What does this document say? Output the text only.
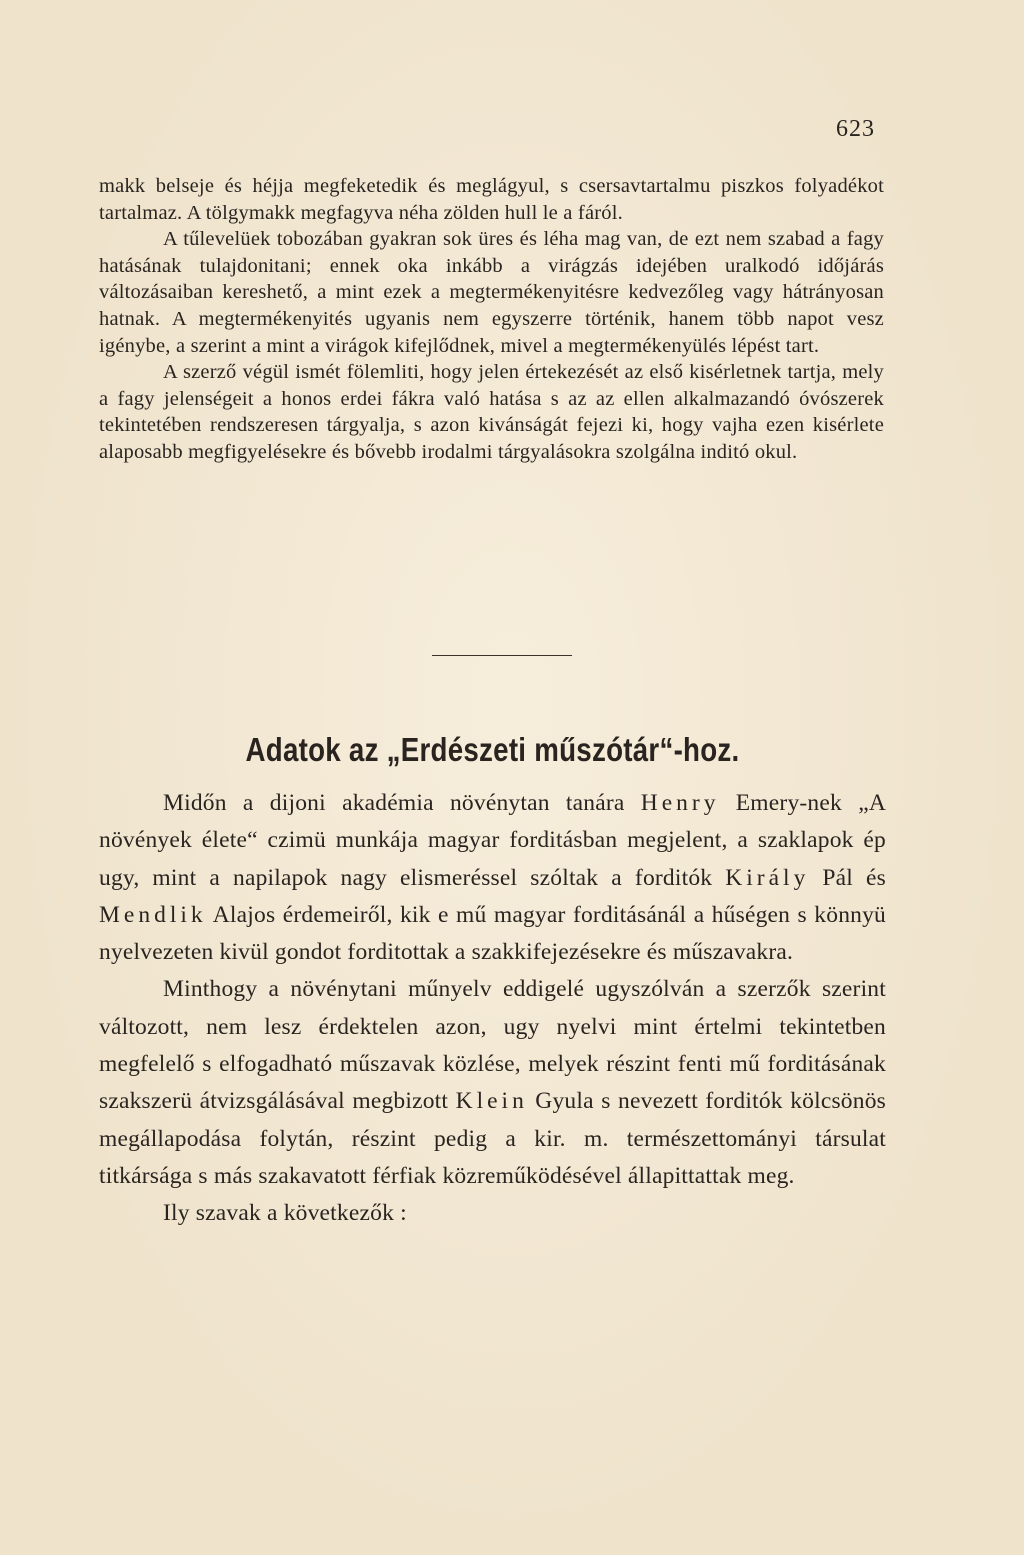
623

makk belseje és héjja megfeketedik és meglágyul, s csersavtartalmu piszkos folyadékot tartalmaz. A tölgymakk megfagyva néha zölden hull le a fáról.

A tűlevelüek tobozában gyakran sok üres és léha mag van, de ezt nem szabad a fagy hatásának tulajdonitani; ennek oka inkább a virágzás idejében uralkodó időjárás változásaiban kereshető, a mint ezek a megtermékenyitésre kedvezőleg vagy hátrányosan hatnak. A megtermékenyités ugyanis nem egyszerre történik, hanem több napot vesz igénybe, a szerint a mint a virágok kifejlődnek, mivel a megtermékenyülés lépést tart.

A szerző végül ismét fölemliti, hogy jelen értekezését az első kisérletnek tartja, mely a fagy jelenségeit a honos erdei fákra való hatása s az az ellen alkalmazandó óvószerek tekintetében rendszeresen tárgyalja, s azon kivánságát fejezi ki, hogy vajha ezen kisérlete alaposabb megfigyelésekre és bővebb irodalmi tárgyalásokra szolgálna inditó okul.

Adatok az „Erdészeti műszótár“-hoz.

Midőn a dijoni akadémia növénytan tanára Henry Emery-nek „A növények élete“ czimü munkája magyar forditásban megjelent, a szaklapok ép ugy, mint a napilapok nagy elismeréssel szóltak a forditók Király Pál és Mendlik Alajos érdemeiről, kik e mű magyar forditásánál a hűségen s könnyü nyelvezeten kivül gondot forditottak a szakkifejezésekre és műszavakra.

Minthogy a növénytani műnyelv eddigelé ugyszólván a szerzők szerint változott, nem lesz érdektelen azon, ugy nyelvi mint értelmi tekintetben megfelelő s elfogadható műszavak közlése, melyek részint fenti mű forditásának szakszerü átvizsgálásával megbizott Klein Gyula s nevezett forditók kölcsönös megállapodása folytán, részint pedig a kir. m. természettományi társulat titkársága s más szakavatott férfiak közreműködésével állapittattak meg.

Ily szavak a következők :
